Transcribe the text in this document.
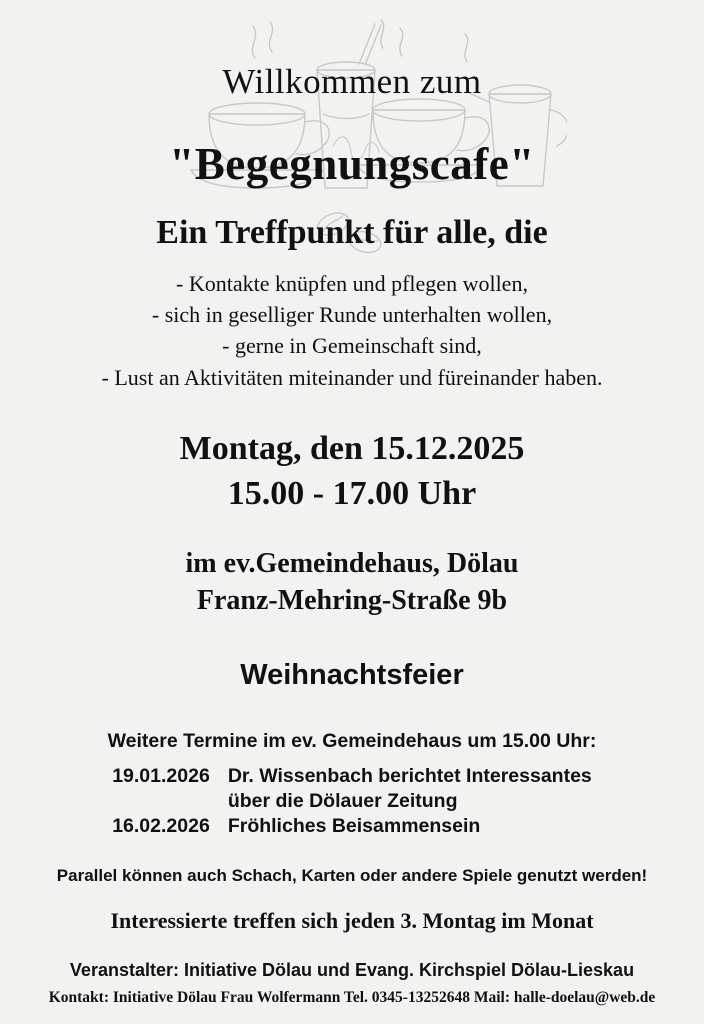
Willkommen zum
"Begegnungscafe"
Ein Treffpunkt für alle, die
- Kontakte knüpfen und pflegen wollen,
- sich in geselliger Runde unterhalten wollen,
- gerne in Gemeinschaft sind,
- Lust an Aktivitäten miteinander und füreinander haben.
Montag, den 15.12.2025
15.00 - 17.00 Uhr
im ev.Gemeindehaus, Dölau
Franz-Mehring-Straße 9b
Weihnachtsfeier
Weitere Termine im ev. Gemeindehaus um 15.00 Uhr:
19.01.2026	Dr. Wissenbach berichtet Interessantes
	über die Dölauer Zeitung
16.02.2026	Fröhliches Beisammensein
Parallel können auch Schach, Karten oder andere Spiele genutzt werden!
Interessierte treffen sich jeden 3. Montag im Monat
Veranstalter: Initiative Dölau und Evang. Kirchspiel Dölau-Lieskau
Kontakt: Initiative Dölau Frau Wolfermann Tel. 0345-13252648 Mail: halle-doelau@web.de
